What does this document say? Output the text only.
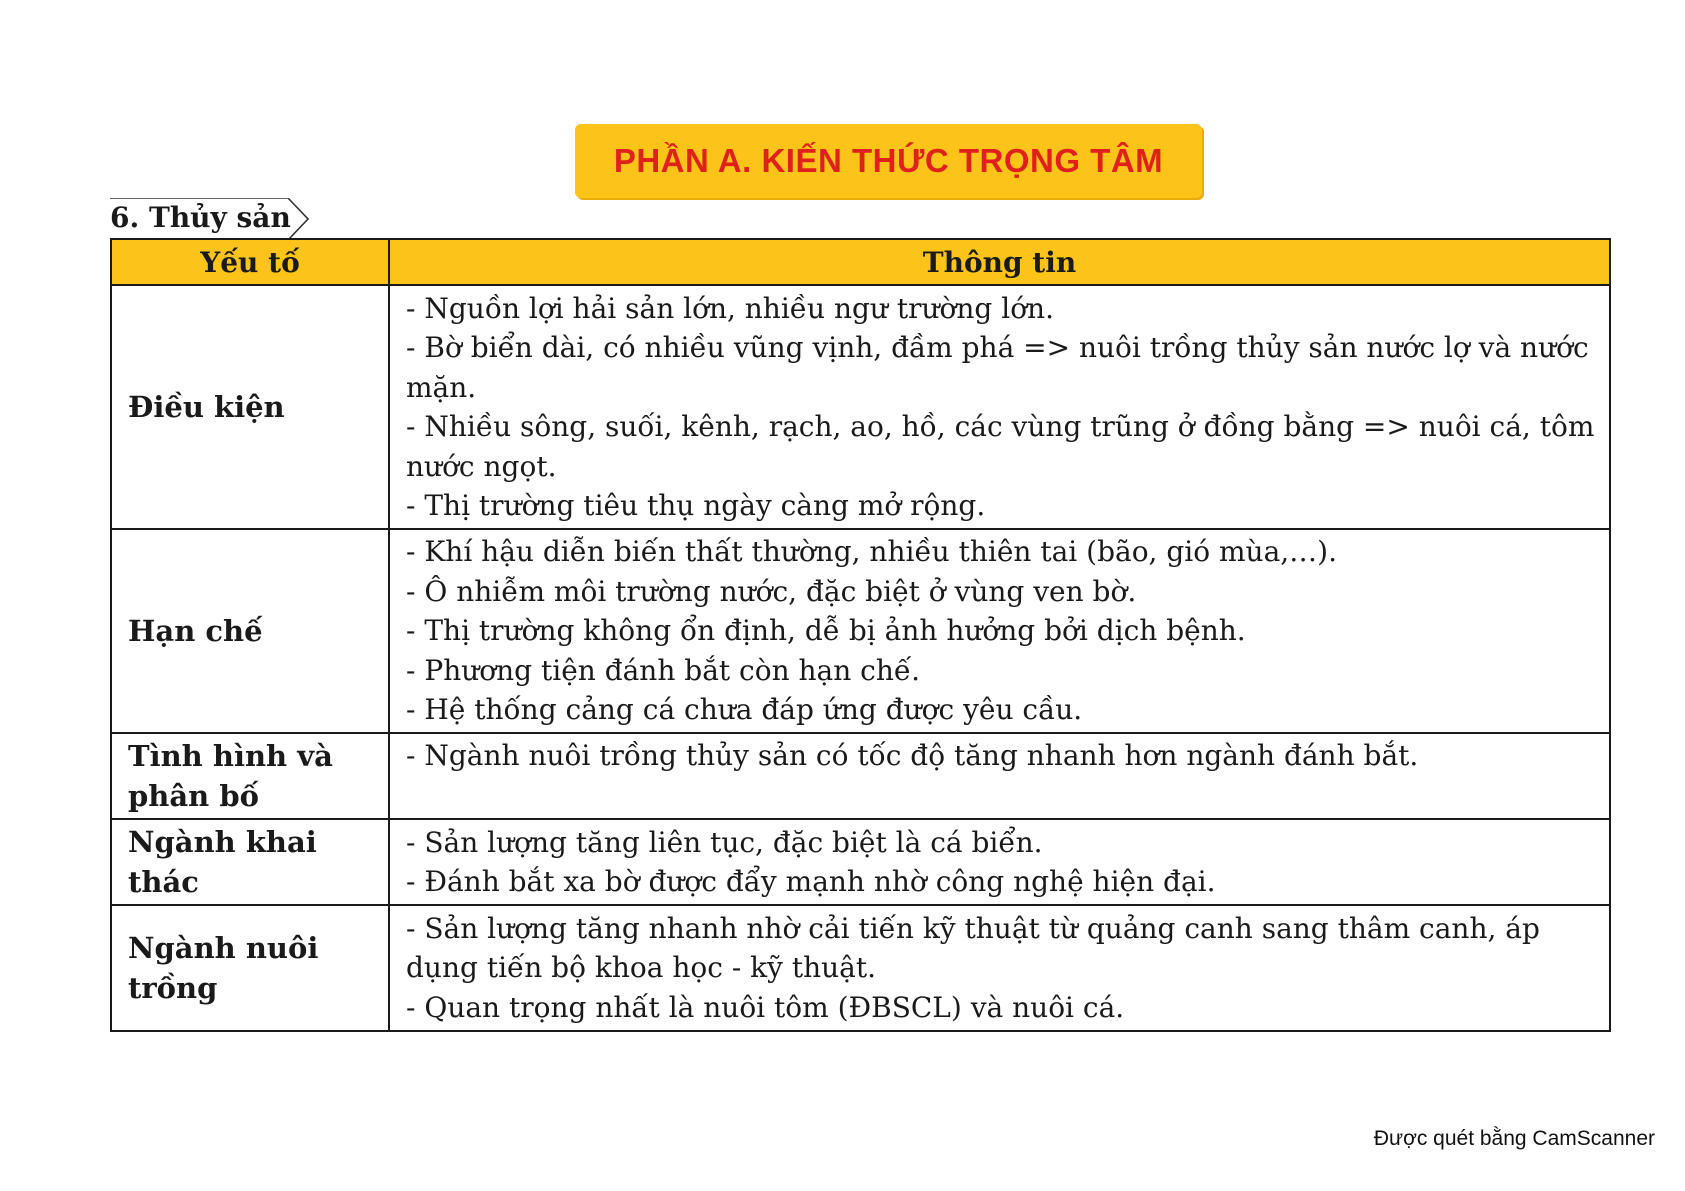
PHẦN A. KIẾN THỨC TRỌNG TÂM
6. Thủy sản
Yếu tố	Thông tin
Điều kiện	- Nguồn lợi hải sản lớn, nhiều ngư trường lớn.
- Bờ biển dài, có nhiều vũng vịnh, đầm phá => nuôi trồng thủy sản nước lợ và nước mặn.
- Nhiều sông, suối, kênh, rạch, ao, hồ, các vùng trũng ở đồng bằng => nuôi cá, tôm nước ngọt.
- Thị trường tiêu thụ ngày càng mở rộng.

Hạn chế	- Khí hậu diễn biến thất thường, nhiều thiên tai (bão, gió mùa,…).
- Ô nhiễm môi trường nước, đặc biệt ở vùng ven bờ.
- Thị trường không ổn định, dễ bị ảnh hưởng bởi dịch bệnh.
- Phương tiện đánh bắt còn hạn chế.
- Hệ thống cảng cá chưa đáp ứng được yêu cầu.

Tình hình và phân bố	- Ngành nuôi trồng thủy sản có tốc độ tăng nhanh hơn ngành đánh bắt.

Ngành khai thác	- Sản lượng tăng liên tục, đặc biệt là cá biển.
- Đánh bắt xa bờ được đẩy mạnh nhờ công nghệ hiện đại.

Ngành nuôi trồng	- Sản lượng tăng nhanh nhờ cải tiến kỹ thuật từ quảng canh sang thâm canh, áp dụng tiến bộ khoa học - kỹ thuật.
- Quan trọng nhất là nuôi tôm (ĐBSCL) và nuôi cá.
Được quét bằng CamScanner
